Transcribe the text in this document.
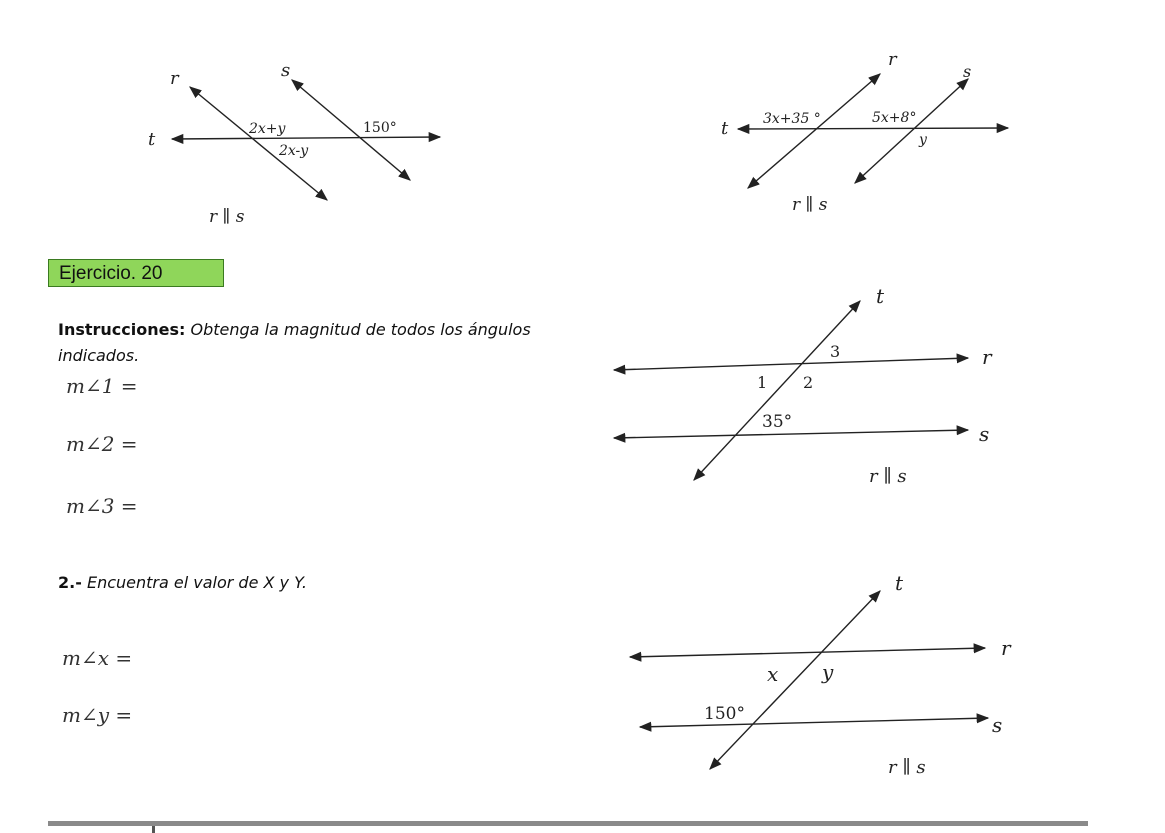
r	s
t	2x+y
2x-y
150°
r ∥ s
r
s
t 3x+35 °	5x+8°
y
r ∥ s
t
r
s
1 2
3
35°
r ∥ s
t
r
s
x y
150°
r ∥ s
Ejercicio. 20
Instrucciones: Obtenga la magnitud de todos los ángulos indicados.
m∠1 =
m∠2 =
m∠3 =
2.- Encuentra el valor de X y Y.
m∠x =
m∠y =
